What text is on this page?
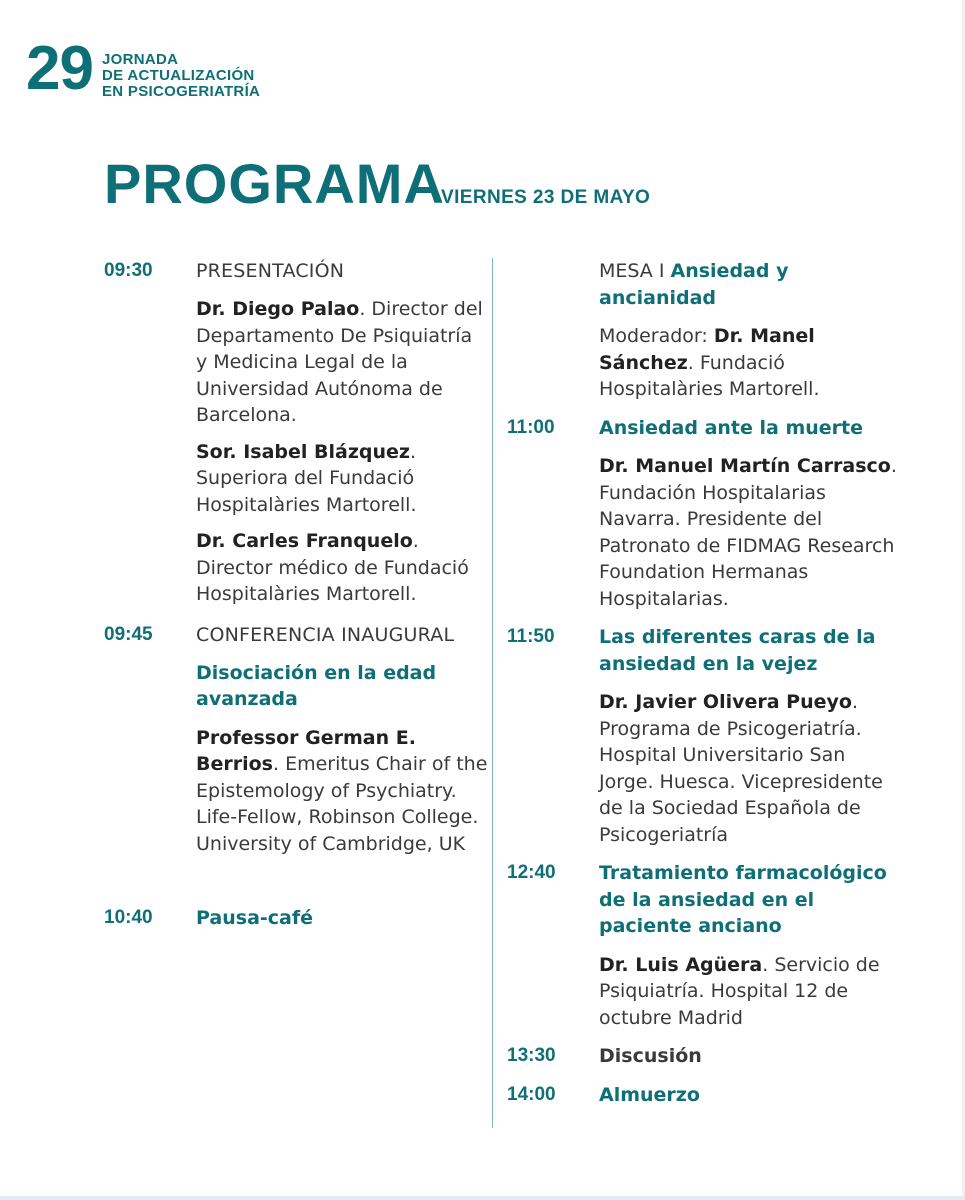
29 JORNADA
DE ACTUALIZACIÓN
EN PSICOGERIATRÍA
PROGRAMA
VIERNES 23 DE MAYO
09:30 PRESENTACIÓN

Dr. Diego Palao. Director del Departamento De Psiquiatría y Medicina Legal de la Universidad Autónoma de Barcelona.

Sor. Isabel Blázquez. Superiora del Fundació Hospitalàries Martorell.

Dr. Carles Franquelo. Director médico de Fundació Hospitalàries Martorell.

09:45 CONFERENCIA INAUGURAL

Disociación en la edad avanzada

Professor German E. Berrios. Emeritus Chair of the Epistemology of Psychiatry. Life-Fellow, Robinson College. University of Cambridge, UK

10:40 Pausa-café

MESA I Ansiedad y ancianidad

Moderador: Dr. Manel Sánchez. Fundació Hospitalàries Martorell.

11:00 Ansiedad ante la muerte

Dr. Manuel Martín Carrasco. Fundación Hospitalarias Navarra. Presidente del Patronato de FIDMAG Research Foundation Hermanas Hospitalarias.

11:50 Las diferentes caras de la ansiedad en la vejez

Dr. Javier Olivera Pueyo. Programa de Psicogeriatría. Hospital Universitario San Jorge. Huesca. Vicepresidente de la Sociedad Española de Psicogeriatría

12:40 Tratamiento farmacológico de la ansiedad en el paciente anciano

Dr. Luis Agüera. Servicio de Psiquiatría. Hospital 12 de octubre Madrid

13:30 Discusión

14:00 Almuerzo
